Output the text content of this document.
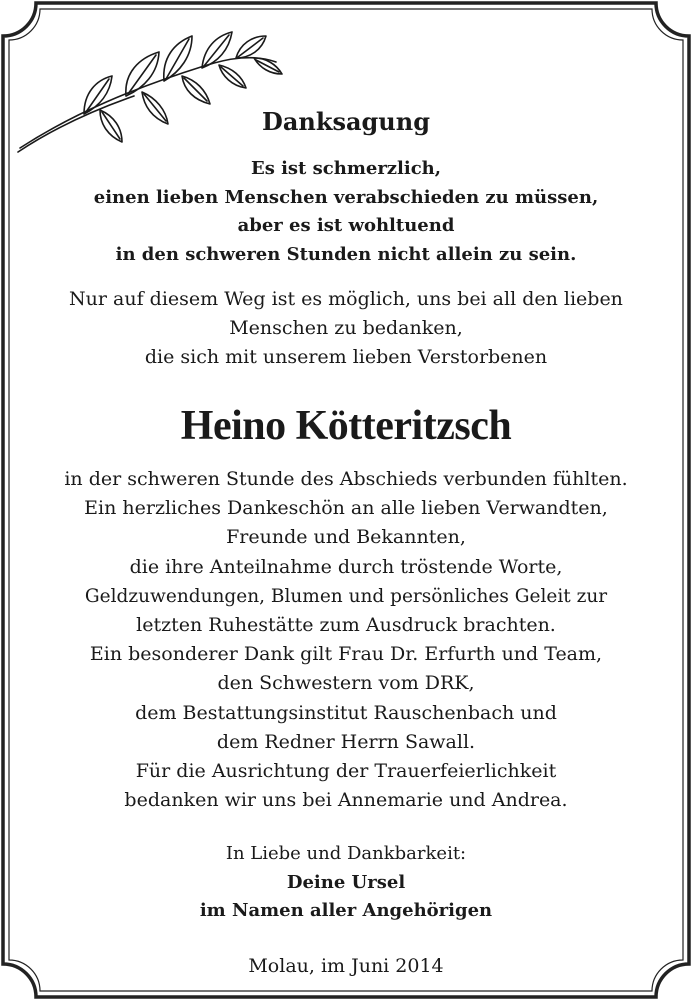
Danksagung
Es ist schmerzlich,
einen lieben Menschen verabschieden zu müssen,
aber es ist wohltuend
in den schweren Stunden nicht allein zu sein.
Nur auf diesem Weg ist es möglich, uns bei all den lieben
Menschen zu bedanken,
die sich mit unserem lieben Verstorbenen
Heino Kötteritzsch
in der schweren Stunde des Abschieds verbunden fühlten.
Ein herzliches Dankeschön an alle lieben Verwandten,
Freunde und Bekannten,
die ihre Anteilnahme durch tröstende Worte,
Geldzuwendungen, Blumen und persönliches Geleit zur
letzten Ruhestätte zum Ausdruck brachten.
Ein besonderer Dank gilt Frau Dr. Erfurth und Team,
den Schwestern vom DRK,
dem Bestattungsinstitut Rauschenbach und
dem Redner Herrn Sawall.
Für die Ausrichtung der Trauerfeierlichkeit
bedanken wir uns bei Annemarie und Andrea.
In Liebe und Dankbarkeit:
Deine Ursel
im Namen aller Angehörigen
Molau, im Juni 2014
